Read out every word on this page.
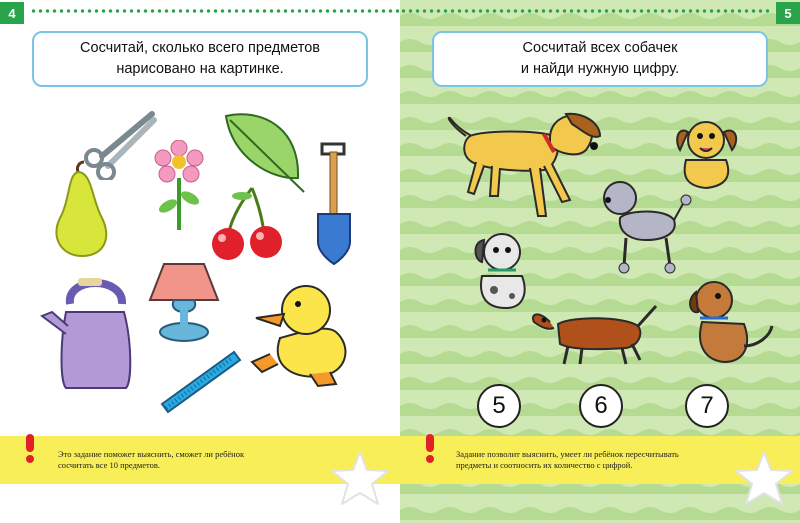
4
Сосчитай, сколько всего предметов
нарисовано на картинке.
Это задание поможет выяснить, сможет ли ребёнок
сосчитать все 10 предметов.
5
Сосчитай всех собачек
и найди нужную цифру.
5	6	7
Задание позволит выяснить, умеет ли ребёнок пересчитывать
предметы и соотносить их количество с цифрой.
